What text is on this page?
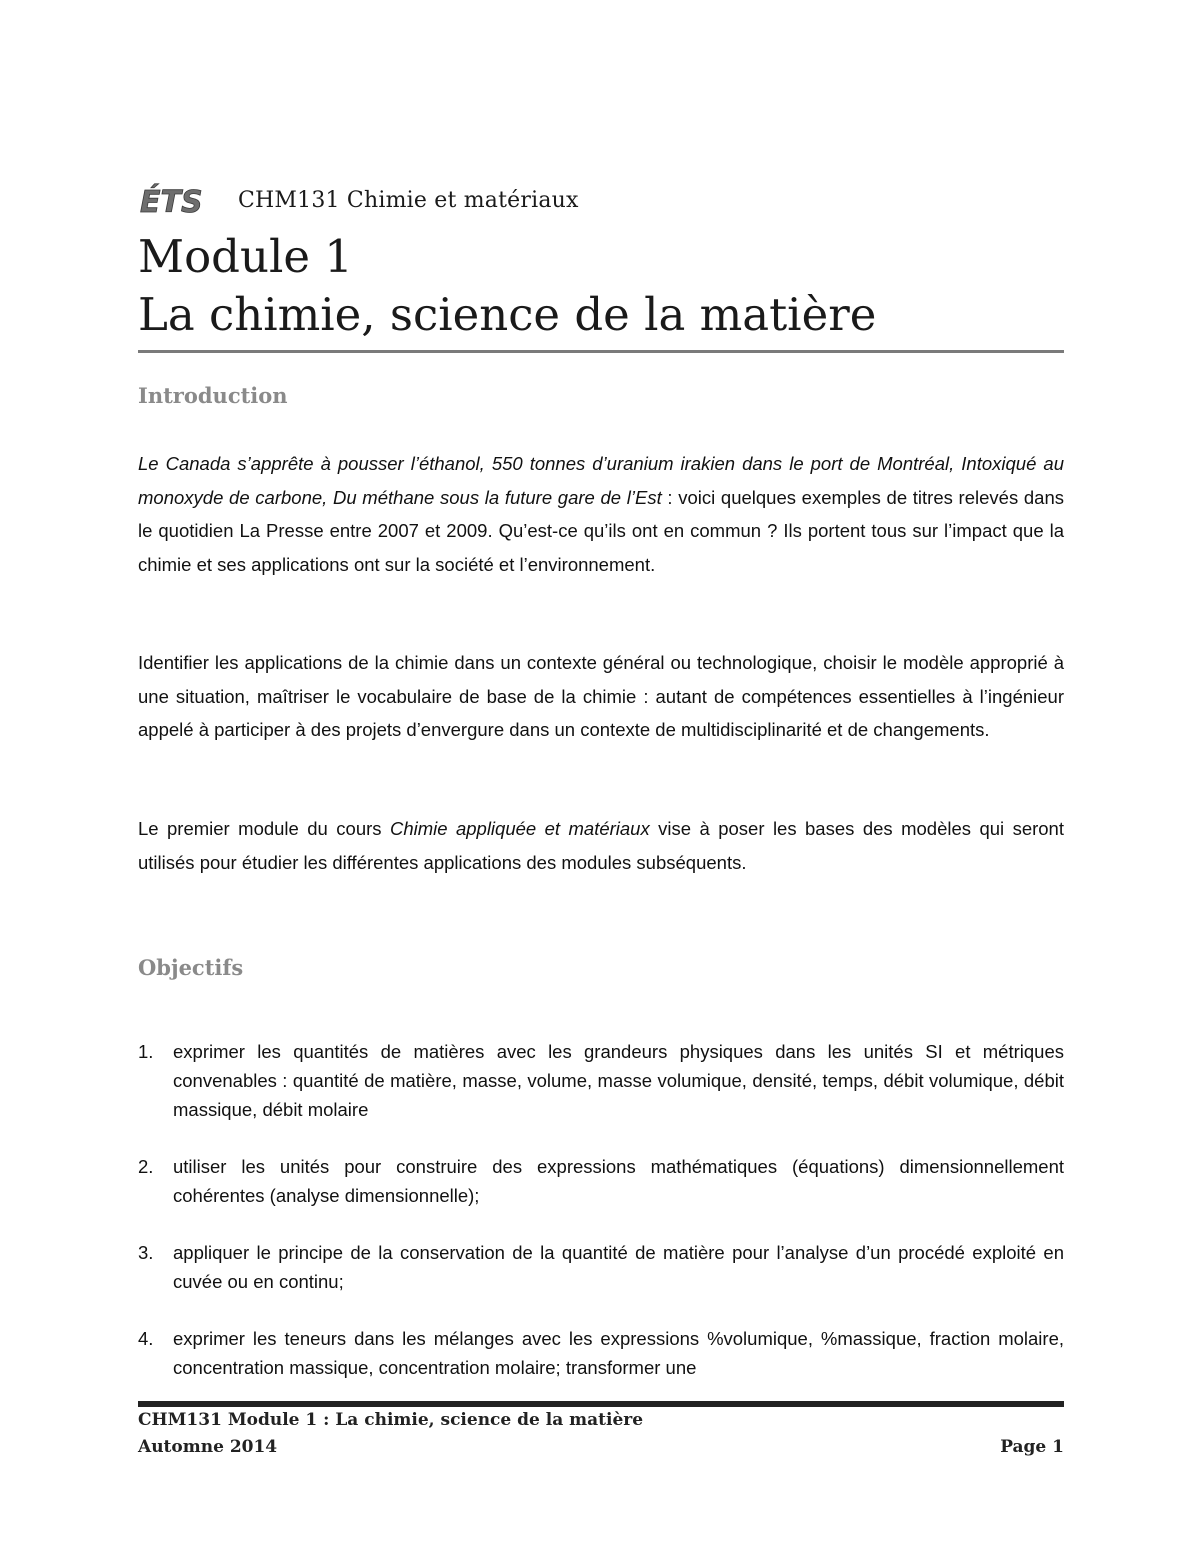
ÉTS CHM131 Chimie et matériaux
Module 1
La chimie, science de la matière
Introduction

Le Canada s’apprête à pousser l’éthanol, 550 tonnes d’uranium irakien dans le port de Montréal, Intoxiqué au monoxyde de carbone, Du méthane sous la future gare de l’Est : voici quelques exemples de titres relevés dans le quotidien La Presse entre 2007 et 2009. Qu’est-ce qu’ils ont en commun ? Ils portent tous sur l’impact que la chimie et ses applications ont sur la société et l’environnement.

Identifier les applications de la chimie dans un contexte général ou technologique, choisir le modèle approprié à une situation, maîtriser le vocabulaire de base de la chimie : autant de compétences essentielles à l’ingénieur appelé à participer à des projets d’envergure dans un contexte de multidisciplinarité et de changements.

Le premier module du cours Chimie appliquée et matériaux vise à poser les bases des modèles qui seront utilisés pour étudier les différentes applications des modules subséquents.

Objectifs
1.	exprimer les quantités de matières avec les grandeurs physiques dans les unités SI et métriques convenables : quantité de matière, masse, volume, masse volumique, densité, temps, débit volumique, débit massique, débit molaire
2.	utiliser les unités pour construire des expressions mathématiques (équations) dimensionnellement cohérentes (analyse dimensionnelle);
3.	appliquer le principe de la conservation de la quantité de matière pour l’analyse d’un procédé exploité en cuvée ou en continu;
4.	exprimer les teneurs dans les mélanges avec les expressions %volumique, %massique, fraction molaire, concentration massique, concentration molaire; transformer une
CHM131 Module 1 : La chimie, science de la matière
Automne 2014	Page 1
